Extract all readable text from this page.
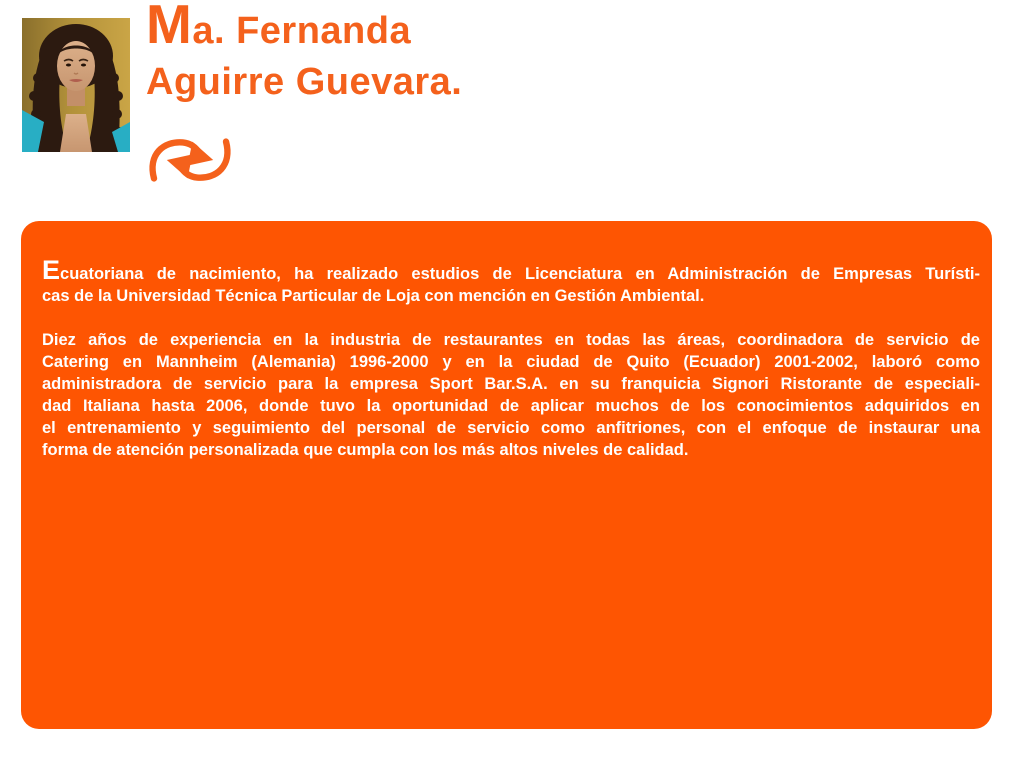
Ma. Fernanda
Aguirre Guevara.
Ecuatoriana de nacimiento, ha realizado estudios de Licenciatura en Administración de Empresas Turísti-
cas de la Universidad Técnica Particular de Loja con mención en Gestión Ambiental.
Diez años de experiencia en la industria de restaurantes en todas las áreas, coordinadora de servicio de
Catering en Mannheim (Alemania) 1996-2000 y en la ciudad de Quito (Ecuador) 2001-2002, laboró como
administradora de servicio para la empresa Sport Bar.S.A. en su franquicia Signori Ristorante de especiali-
dad Italiana hasta 2006, donde tuvo la oportunidad de aplicar muchos de los conocimientos adquiridos en
el entrenamiento y seguimiento del personal de servicio como anfitriones, con el enfoque de instaurar una
forma de atención personalizada que cumpla con los más altos niveles de calidad.
